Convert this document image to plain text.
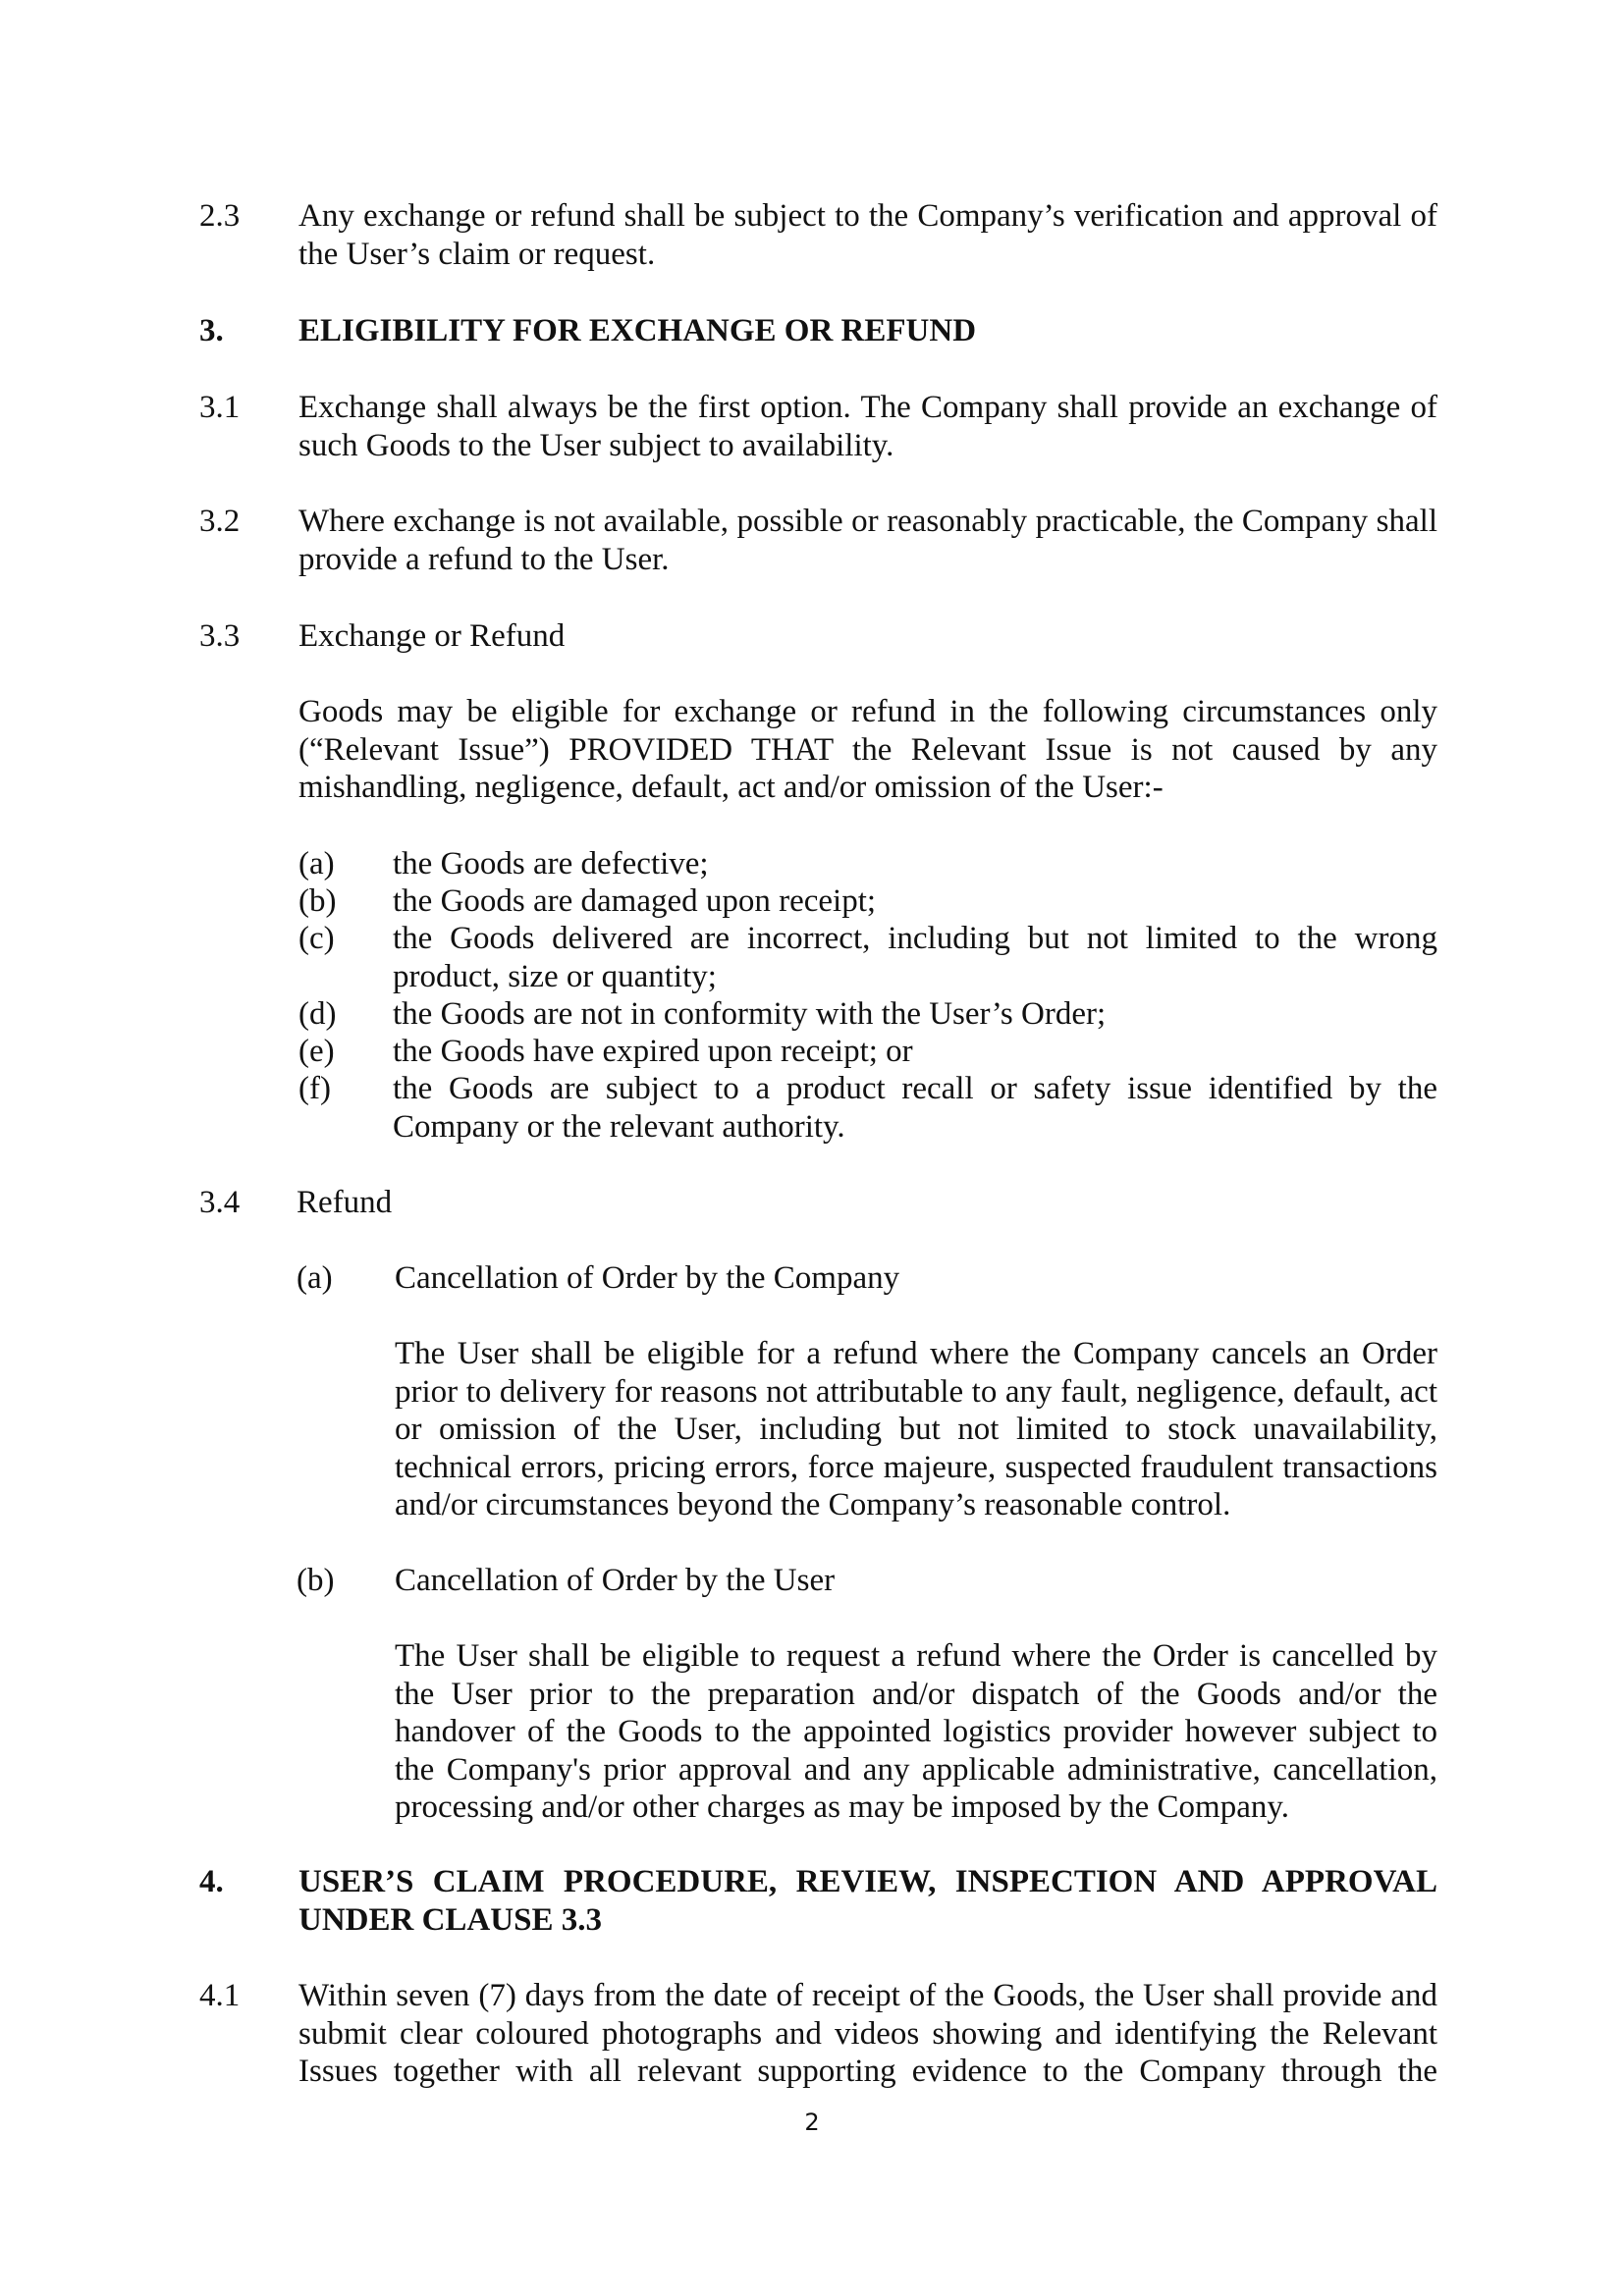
2.3 Any exchange or refund shall be subject to the Company’s verification and approval of the User’s claim or request.
3. ELIGIBILITY FOR EXCHANGE OR REFUND
3.1 Exchange shall always be the first option. The Company shall provide an exchange of such Goods to the User subject to availability.
3.2 Where exchange is not available, possible or reasonably practicable, the Company shall provide a refund to the User.
3.3 Exchange or Refund
Goods may be eligible for exchange or refund in the following circumstances only (“Relevant Issue”) PROVIDED THAT the Relevant Issue is not caused by any mishandling, negligence, default, act and/or omission of the User:-
(a) the Goods are defective;
(b) the Goods are damaged upon receipt;
(c) the Goods delivered are incorrect, including but not limited to the wrong product, size or quantity;
(d) the Goods are not in conformity with the User’s Order;
(e) the Goods have expired upon receipt; or
(f) the Goods are subject to a product recall or safety issue identified by the Company or the relevant authority.
3.4 Refund
(a) Cancellation of Order by the Company
The User shall be eligible for a refund where the Company cancels an Order prior to delivery for reasons not attributable to any fault, negligence, default, act or omission of the User, including but not limited to stock unavailability, technical errors, pricing errors, force majeure, suspected fraudulent transactions and/or circumstances beyond the Company’s reasonable control.
(b) Cancellation of Order by the User
The User shall be eligible to request a refund where the Order is cancelled by the User prior to the preparation and/or dispatch of the Goods and/or the handover of the Goods to the appointed logistics provider however subject to the Company's prior approval and any applicable administrative, cancellation, processing and/or other charges as may be imposed by the Company.
4. USER’S CLAIM PROCEDURE, REVIEW, INSPECTION AND APPROVAL UNDER CLAUSE 3.3
4.1 Within seven (7) days from the date of receipt of the Goods, the User shall provide and submit clear coloured photographs and videos showing and identifying the Relevant Issues together with all relevant supporting evidence to the Company through the
2
